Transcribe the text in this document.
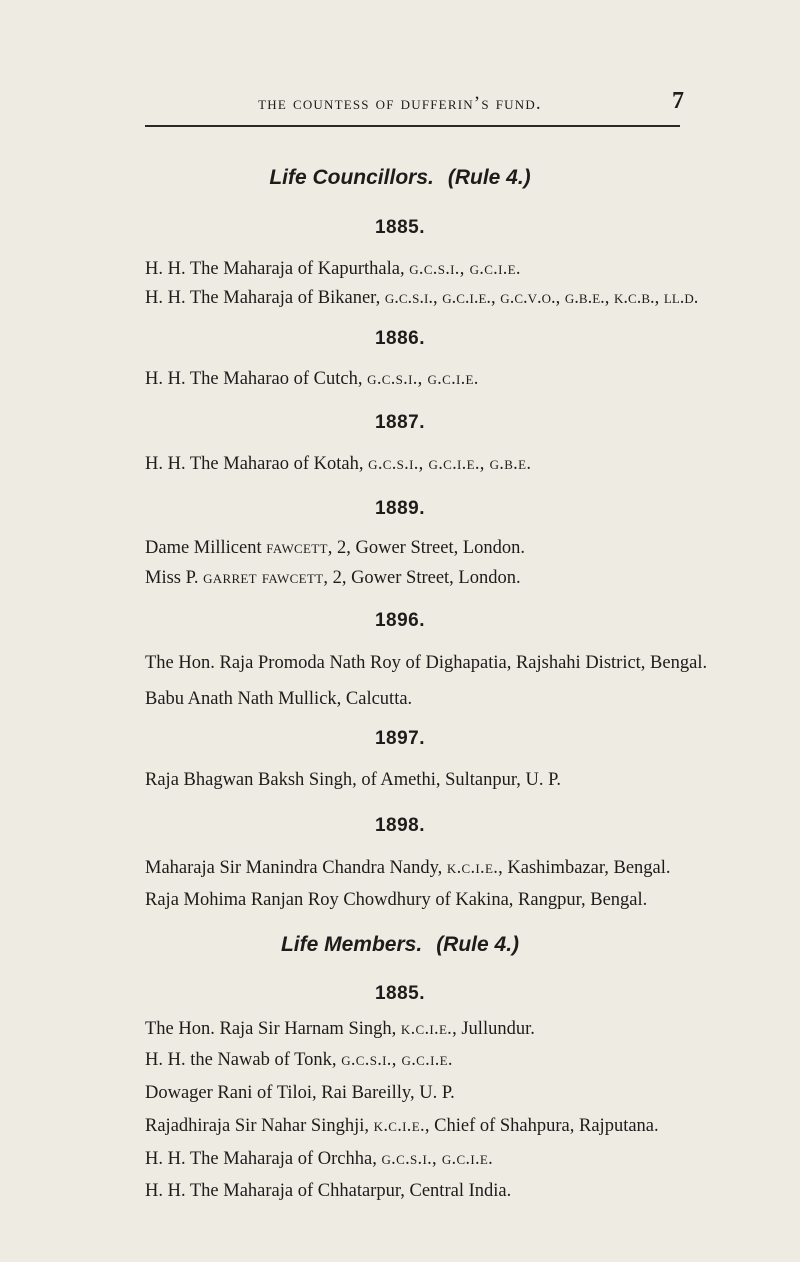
the countess of dufferin’s fund.	7
Life Councillors. (Rule 4.)
1885.
H. H. The Maharaja of Kapurthala, g.c.s.i., g.c.i.e.
H. H. The Maharaja of Bikaner, g.c.s.i., g.c.i.e., g.c.v.o., g.b.e., k.c.b., ll.d.
1886.
H. H. The Maharao of Cutch, g.c.s.i., g.c.i.e.
1887.
H. H. The Maharao of Kotah, g.c.s.i., g.c.i.e., g.b.e.
1889.
Dame Millicent fawcett, 2, Gower Street, London.
Miss P. garret fawcett, 2, Gower Street, London.
1896.
The Hon. Raja Promoda Nath Roy of Dighapatia, Rajshahi District, Bengal.
Babu Anath Nath Mullick, Calcutta.
1897.
Raja Bhagwan Baksh Singh, of Amethi, Sultanpur, U. P.
1898.
Maharaja Sir Manindra Chandra Nandy, k.c.i.e., Kashimbazar, Bengal.
Raja Mohima Ranjan Roy Chowdhury of Kakina, Rangpur, Bengal.
Life Members. (Rule 4.)
1885.
The Hon. Raja Sir Harnam Singh, k.c.i.e., Jullundur.
H. H. the Nawab of Tonk, g.c.s.i., g.c.i.e.
Dowager Rani of Tiloi, Rai Bareilly, U. P.
Rajadhiraja Sir Nahar Singhji, k.c.i.e., Chief of Shahpura, Rajputana.
H. H. The Maharaja of Orchha, g.c.s.i., g.c.i.e.
H. H. The Maharaja of Chhatarpur, Central India.
